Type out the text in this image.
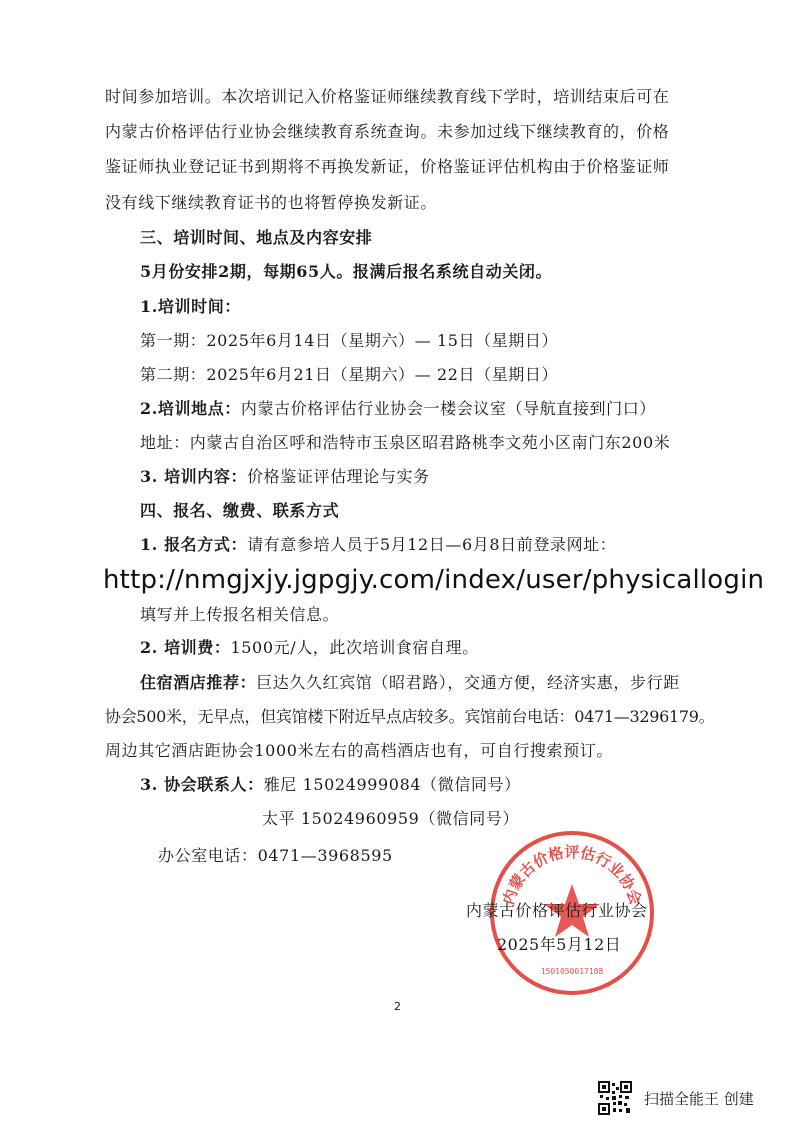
时间参加培训。本次培训记入价格鉴证师继续教育线下学时，培训结束后可在
内蒙古价格评估行业协会继续教育系统查询。未参加过线下继续教育的，价格
鉴证师执业登记证书到期将不再换发新证，价格鉴证评估机构由于价格鉴证师
没有线下继续教育证书的也将暂停换发新证。
三、培训时间、地点及内容安排
5月份安排2期，每期65人。报满后报名系统自动关闭。
1.培训时间：
第一期：2025年6月14日（星期六）— 15日（星期日）
第二期：2025年6月21日（星期六）— 22日（星期日）
2.培训地点：内蒙古价格评估行业协会一楼会议室（导航直接到门口）
地址：内蒙古自治区呼和浩特市玉泉区昭君路桃李文苑小区南门东200米
3. 培训内容：价格鉴证评估理论与实务
四、报名、缴费、联系方式
1. 报名方式：请有意参培人员于5月12日—6月8日前登录网址：
http://nmgjxjy.jgpgjy.com/index/user/physicallogin
填写并上传报名相关信息。
2. 培训费：1500元/人，此次培训食宿自理。
住宿酒店推荐：巨达久久红宾馆（昭君路），交通方便，经济实惠，步行距
协会500米，无早点，但宾馆楼下附近早点店较多。宾馆前台电话：0471—3296179。
周边其它酒店距协会1000米左右的高档酒店也有，可自行搜索预订。
3. 协会联系人：雅尼 15024999084（微信同号）
太平 15024960959（微信同号）
办公室电话：0471—3968595
内蒙古价格评估行业协会
1501050017188
内蒙古价格评估行业协会
2025年5月12日
2
扫描全能王 创建
